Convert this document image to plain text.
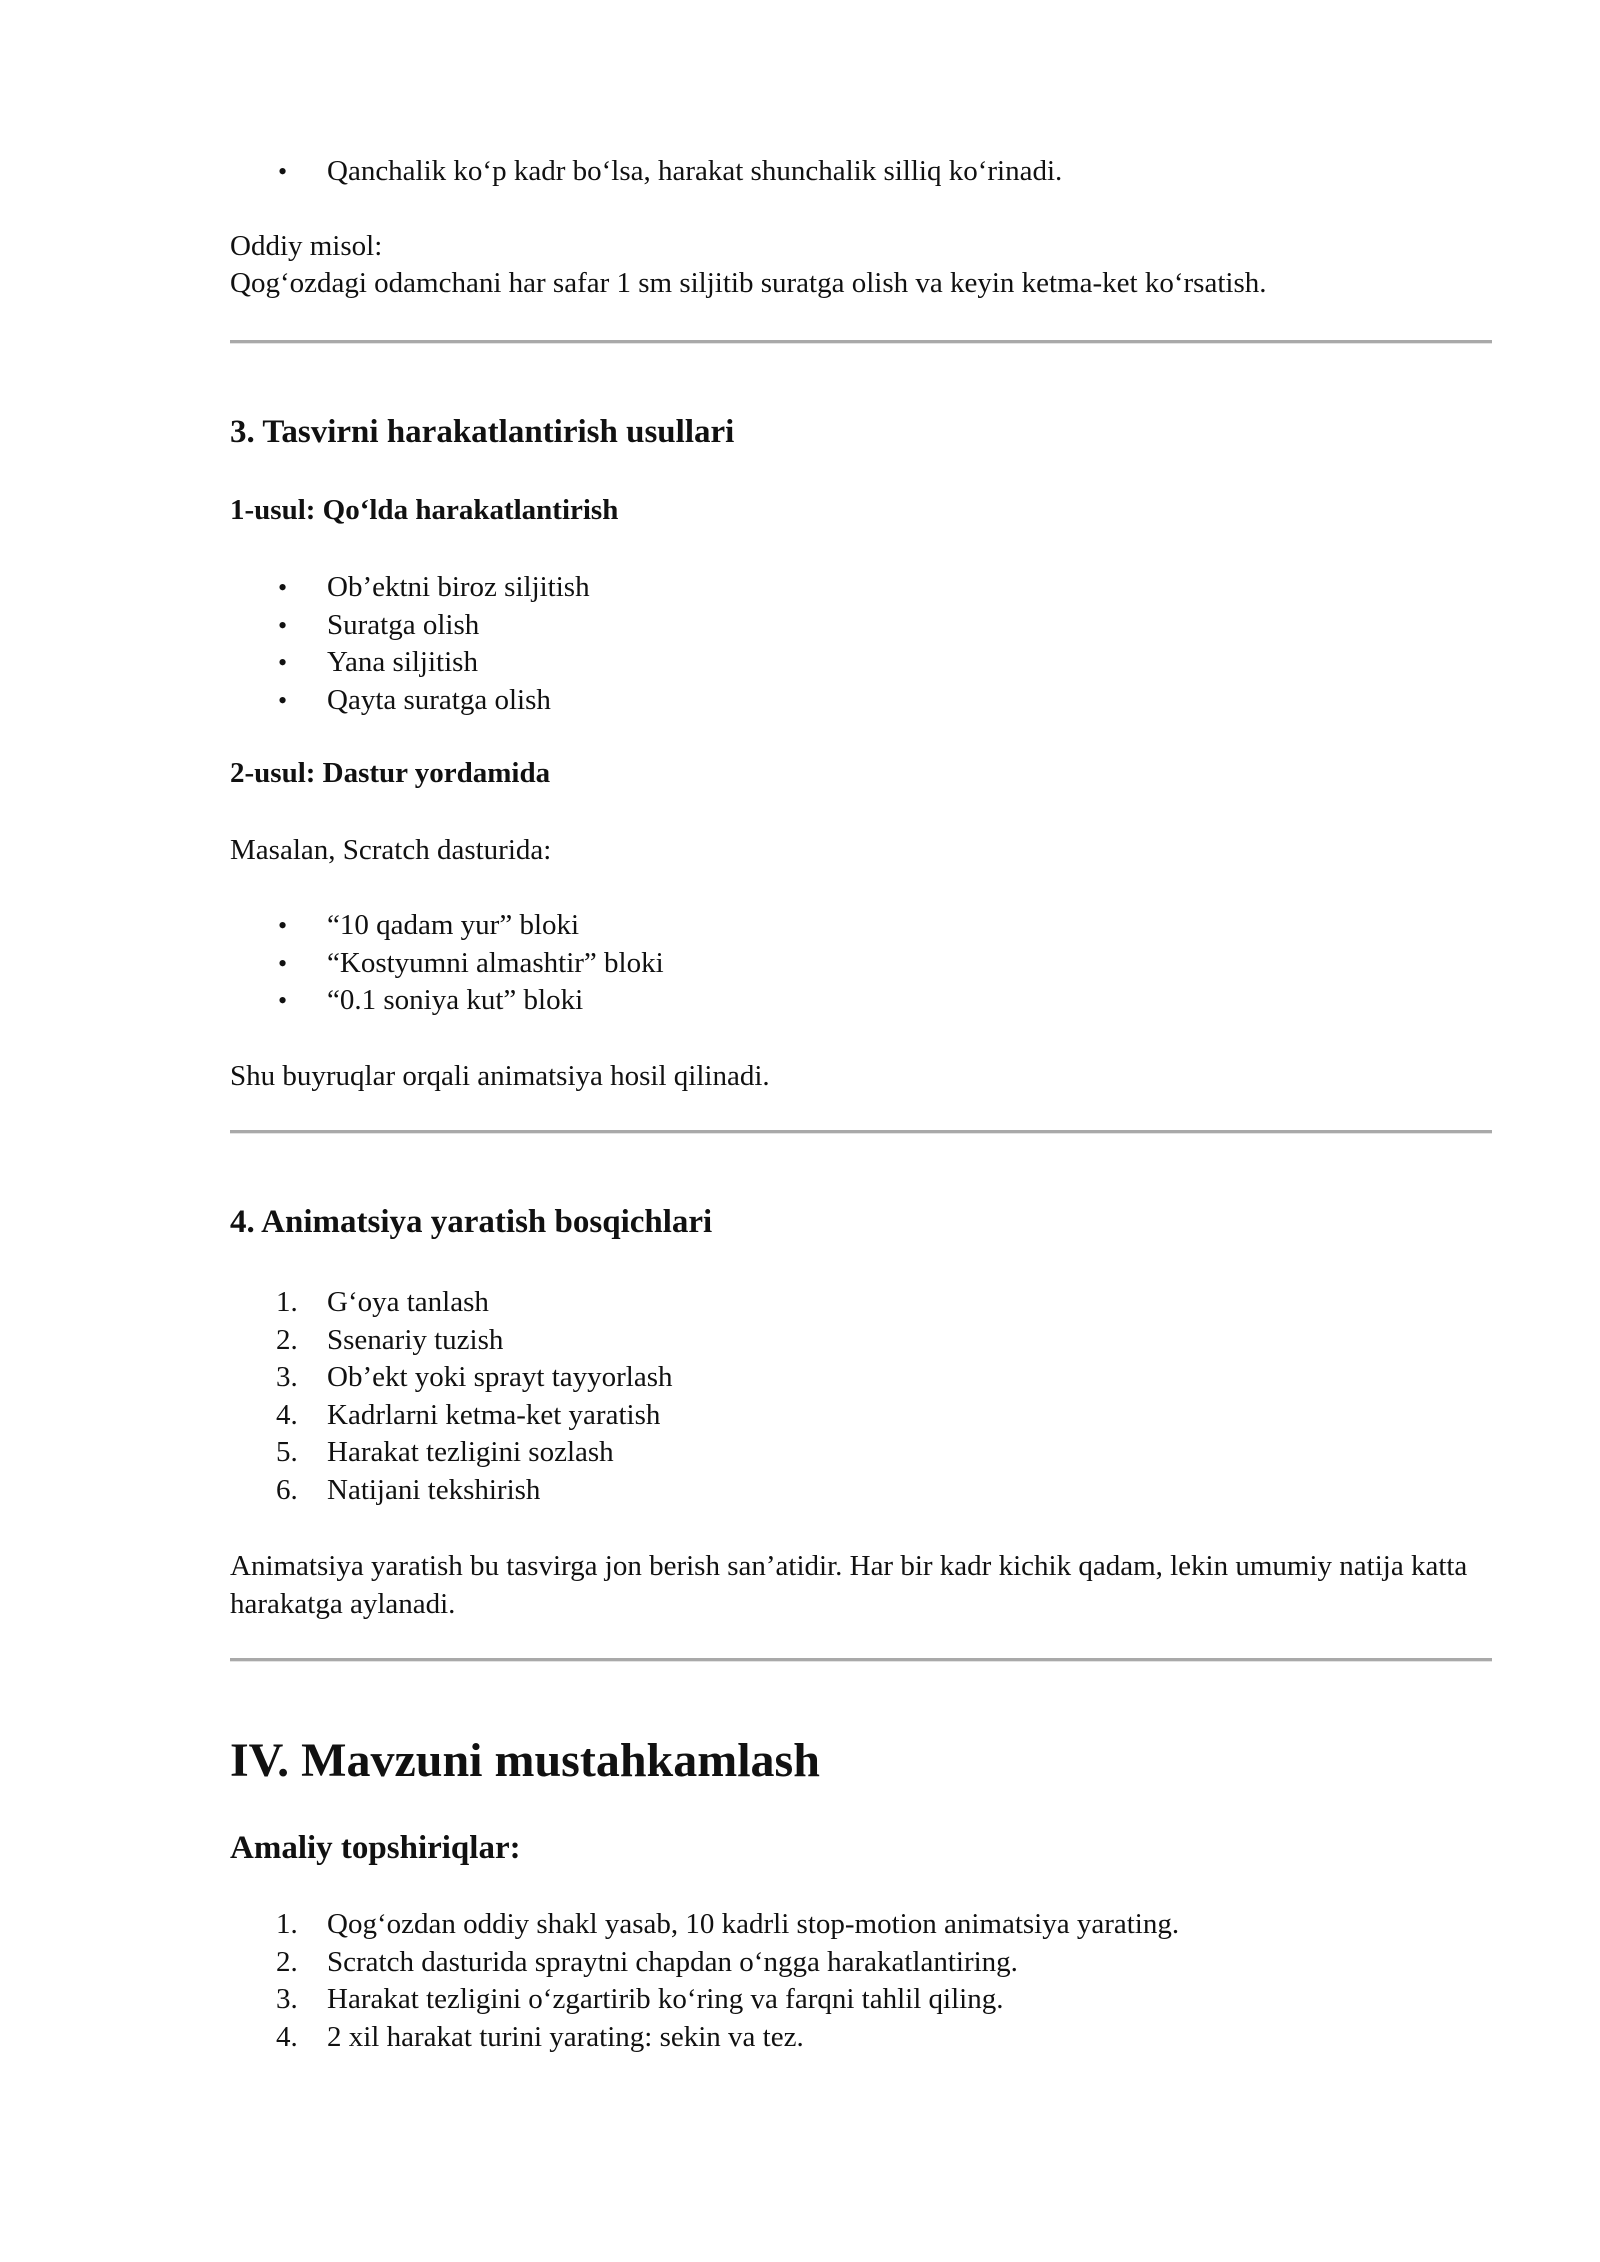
• Qanchalik ko‘p kadr bo‘lsa, harakat shunchalik silliq ko‘rinadi.
Oddiy misol:
Qog‘ozdagi odamchani har safar 1 sm siljitib suratga olish va keyin ketma-ket ko‘rsatish.
3. Tasvirni harakatlantirish usullari
1-usul: Qo‘lda harakatlantirish
• Ob’ektni biroz siljitish
• Suratga olish
• Yana siljitish
• Qayta suratga olish
2-usul: Dastur yordamida
Masalan, Scratch dasturida:
• “10 qadam yur” bloki
• “Kostyumni almashtir” bloki
• “0.1 soniya kut” bloki
Shu buyruqlar orqali animatsiya hosil qilinadi.
4. Animatsiya yaratish bosqichlari
1.	G‘oya tanlash
2.	Ssenariy tuzish
3.	Ob’ekt yoki sprayt tayyorlash
4.	Kadrlarni ketma-ket yaratish
5.	Harakat tezligini sozlash
6.	Natijani tekshirish
Animatsiya yaratish bu tasvirga jon berish san’atidir. Har bir kadr kichik qadam, lekin umumiy natija katta harakatga aylanadi.
IV. Mavzuni mustahkamlash
Amaliy topshiriqlar:
1.	Qog‘ozdan oddiy shakl yasab, 10 kadrli stop-motion animatsiya yarating.
2.	Scratch dasturida spraytni chapdan o‘ngga harakatlantiring.
3.	Harakat tezligini o‘zgartirib ko‘ring va farqni tahlil qiling.
4.	2 xil harakat turini yarating: sekin va tez.
